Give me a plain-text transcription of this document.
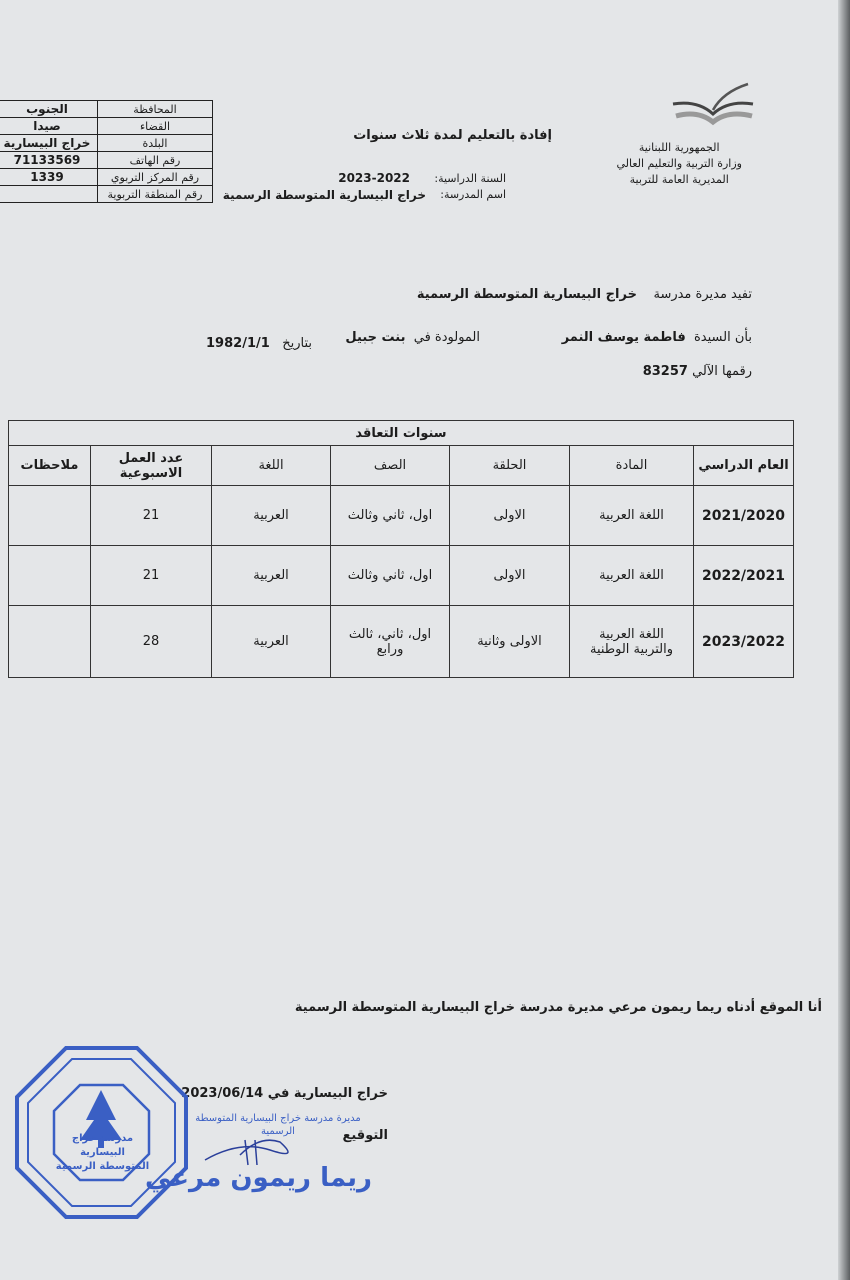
الجمهورية اللبنانية
وزارة التربية والتعليم العالي
المديرية العامة للتربية
إفادة بالتعليم لمدة ثلاث سنوات
السنة الدراسية:
2023-2022
اسم المدرسة:
خراج البيسارية المتوسطة الرسمية
المحافظة	الجنوب
القضاء	صيدا
البلدة	خراج البيسارية
رقم الهاتف	71133569
رقم المركز التربوي	1339
رقم المنطقة التربوية	
تفيد مديرة مدرسة    خراج البيسارية المتوسطة الرسمية
بأن السيدة  فاطمة يوسف النمر
المولودة في  بنت جبيل
بتاريخ   1982/1/1
رقمها الآلي 83257
سنوات التعاقد						
العام الدراسي	المادة	الحلقة	الصف	اللغة	عدد العمل الاسبوعية	ملاحظات
2021/2020	اللغة العربية	الاولى	اول، ثاني وثالث	العربية	21	
2022/2021	اللغة العربية	الاولى	اول، ثاني وثالث	العربية	21	
2023/2022	اللغة العربية والتربية الوطنية	الاولى وثانية	اول، ثاني، ثالث ورابع	العربية	28	
أنا الموقع أدناه ريما ريمون مرعي مديرة مدرسة خراج البيسارية المتوسطة الرسمية
خراج البيسارية في 2023/06/14
التوقيع
مديرة مدرسة خراج البيسارية المتوسطة الرسمية
ريما ريمون مرعي
مدرسة خراج البيسارية المتوسطة الرسمية
